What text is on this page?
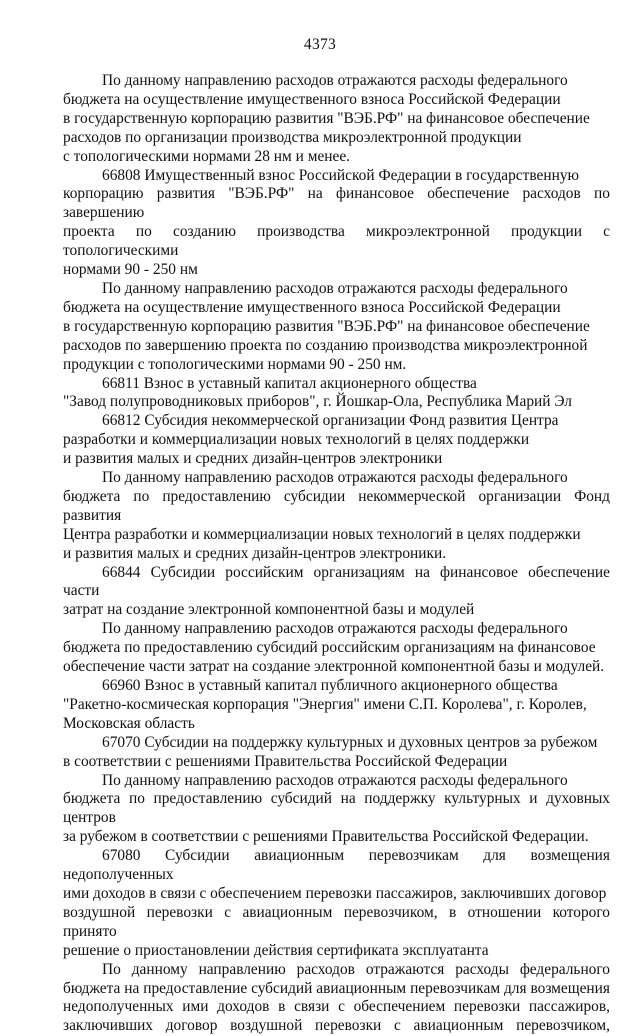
4373

По данному направлению расходов отражаются расходы федерального
бюджета на осуществление имущественного взноса Российской Федерации
в государственную корпорацию развития "ВЭБ.РФ" на финансовое обеспечение
расходов по организации производства микроэлектронной продукции
с топологическими нормами 28 нм и менее.

66808 Имущественный взнос Российской Федерации в государственную
корпорацию развития "ВЭБ.РФ" на финансовое обеспечение расходов по завершению
проекта по созданию производства микроэлектронной продукции с топологическими
нормами 90 - 250 нм

По данному направлению расходов отражаются расходы федерального
бюджета на осуществление имущественного взноса Российской Федерации
в государственную корпорацию развития "ВЭБ.РФ" на финансовое обеспечение
расходов по завершению проекта по созданию производства микроэлектронной
продукции с топологическими нормами 90 - 250 нм.

66811 Взнос в уставный капитал акционерного общества
"Завод полупроводниковых приборов", г. Йошкар-Ола, Республика Марий Эл

66812 Субсидия некоммерческой организации Фонд развития Центра
разработки и коммерциализации новых технологий в целях поддержки
и развития малых и средних дизайн-центров электроники

По данному направлению расходов отражаются расходы федерального
бюджета по предоставлению субсидии некоммерческой организации Фонд развития
Центра разработки и коммерциализации новых технологий в целях поддержки
и развития малых и средних дизайн-центров электроники.

66844 Субсидии российским организациям на финансовое обеспечение части
затрат на создание электронной компонентной базы и модулей

По данному направлению расходов отражаются расходы федерального
бюджета по предоставлению субсидий российским организациям на финансовое
обеспечение части затрат на создание электронной компонентной базы и модулей.

66960 Взнос в уставный капитал публичного акционерного общества
"Ракетно-космическая корпорация "Энергия" имени С.П. Королева", г. Королев,
Московская область

67070 Субсидии на поддержку культурных и духовных центров за рубежом
в соответствии с решениями Правительства Российской Федерации

По данному направлению расходов отражаются расходы федерального
бюджета по предоставлению субсидий на поддержку культурных и духовных центров
за рубежом в соответствии с решениями Правительства Российской Федерации.

67080 Субсидии авиационным перевозчикам для возмещения недополученных
ими доходов в связи с обеспечением перевозки пассажиров, заключивших договор
воздушной перевозки с авиационным перевозчиком, в отношении которого принято
решение о приостановлении действия сертификата эксплуатанта

По данному направлению расходов отражаются расходы федерального
бюджета на предоставление субсидий авиационным перевозчикам для возмещения
недополученных ими доходов в связи с обеспечением перевозки пассажиров,
заключивших договор воздушной перевозки с авиационным перевозчиком,
